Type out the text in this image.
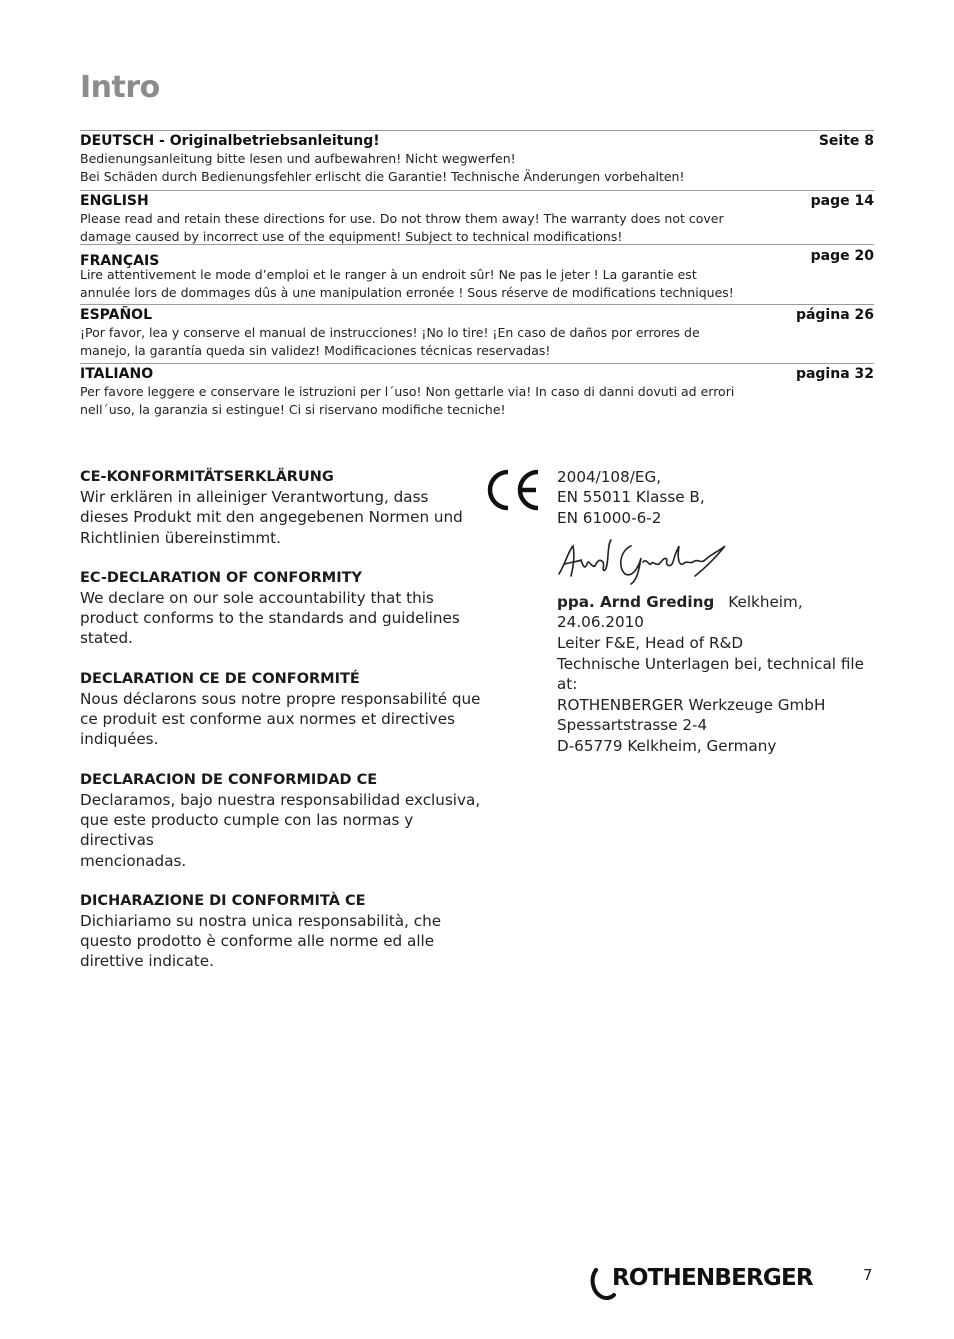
Intro
DEUTSCH - Originalbetriebsanleitung!	Seite 8
Bedienungsanleitung bitte lesen und aufbewahren! Nicht wegwerfen!
Bei Schäden durch Bedienungsfehler erlischt die Garantie! Technische Änderungen vorbehalten!
ENGLISH	page 14
Please read and retain these directions for use. Do not throw them away! The warranty does not cover
damage caused by incorrect use of the equipment! Subject to technical modifications!
FRANÇAIS	page 20
Lire attentivement le mode d’emploi et le ranger à un endroit sûr! Ne pas le jeter ! La garantie est
annulée lors de dommages dûs à une manipulation erronée ! Sous réserve de modifications techniques!
ESPAÑOL	página 26
¡Por favor, lea y conserve el manual de instrucciones! ¡No lo tire! ¡En caso de daños por errores de
manejo, la garantía queda sin validez! Modificaciones técnicas reservadas!
ITALIANO	pagina 32
Per favore leggere e conservare le istruzioni per l´uso! Non gettarle via! In caso di danni dovuti ad errori
nell´uso, la garanzia si estingue! Ci si riservano modifiche tecniche!
CE-KONFORMITÄTSERKLÄRUNG
Wir erklären in alleiniger Verantwortung, dass
dieses Produkt mit den angegebenen Normen und
Richtlinien übereinstimmt.
EC-DECLARATION OF CONFORMITY
We declare on our sole accountability that this
product conforms to the standards and guidelines
stated.
DECLARATION CE DE CONFORMITÉ
Nous déclarons sous notre propre responsabilité que
ce produit est conforme aux normes et directives
indiquées.
DECLARACION DE CONFORMIDAD CE
Declaramos, bajo nuestra responsabilidad exclusiva,
que este producto cumple con las normas y directivas
mencionadas.
DICHARAZIONE DI CONFORMITÀ CE
Dichiariamo su nostra unica responsabilità, che
questo prodotto è conforme alle norme ed alle
direttive indicate.
2004/108/EG,
EN 55011 Klasse B,
EN 61000-6-2
ppa. Arnd Greding Kelkheim, 24.06.2010
Leiter F&E, Head of R&D
Technische Unterlagen bei, technical file at:
ROTHENBERGER Werkzeuge GmbH
Spessartstrasse 2-4
D-65779 Kelkheim, Germany
ROTHENBERGER	7
